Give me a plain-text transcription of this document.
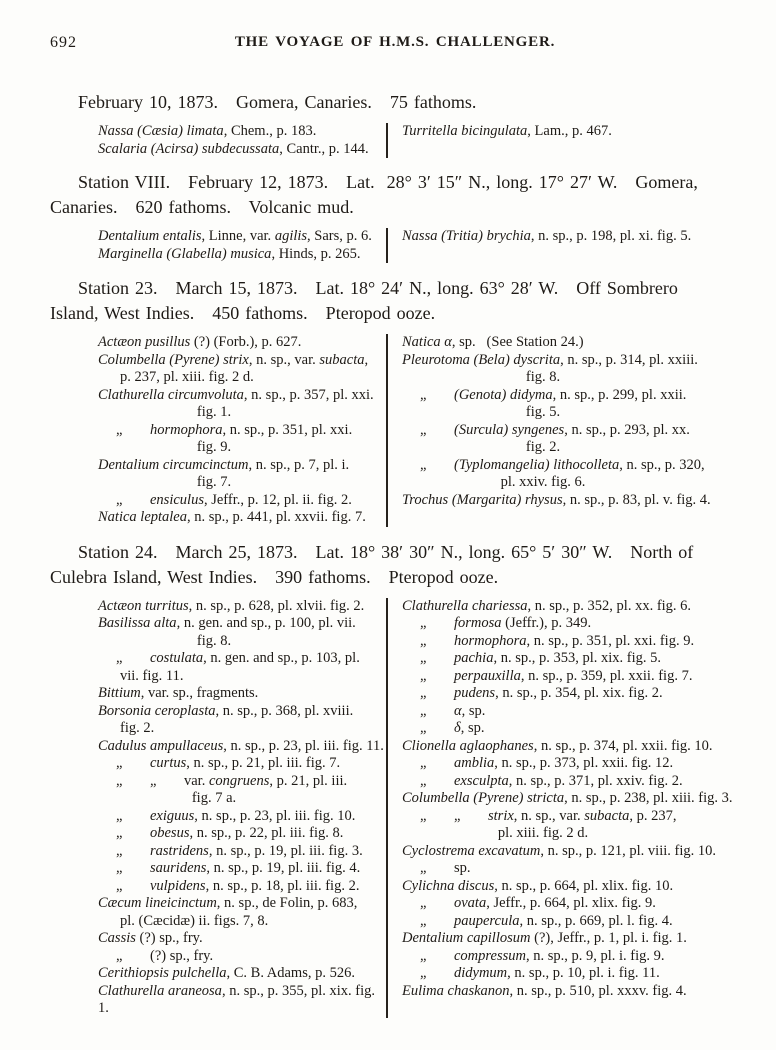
692	THE VOYAGE OF H.M.S. CHALLENGER.
February 10, 1873.   Gomera, Canaries.   75 fathoms.
Nassa (Cæsia) limata, Chem., p. 183.
Scalaria (Acirsa) subdecussata, Cantr., p. 144.
Turritella bicingulata, Lam., p. 467.
Station VIII.   February 12, 1873.   Lat.  28° 3′ 15″ N., long. 17° 27′ W.   Gomera,
Canaries.   620 fathoms.   Volcanic mud.
Dentalium entalis, Linne, var. agilis, Sars, p. 6.
Marginella (Glabella) musica, Hinds, p. 265.
Nassa (Tritia) brychia, n. sp., p. 198, pl. xi. fig. 5.
Station 23.   March 15, 1873.   Lat. 18° 24′ N., long. 63° 28′ W.   Off Sombrero
Island, West Indies.   450 fathoms.   Pteropod ooze.
Actæon pusillus (?) (Forb.), p. 627.
Columbella (Pyrene) strix, n. sp., var. subacta,
p. 237, pl. xiii. fig. 2 d.
Clathurella circumvoluta, n. sp., p. 357, pl. xxi.
fig. 1.
„ hormophora, n. sp., p. 351, pl. xxi.
fig. 9.
Dentalium circumcinctum, n. sp., p. 7, pl. i.
fig. 7.
„ ensiculus, Jeffr., p. 12, pl. ii. fig. 2.
Natica leptalea, n. sp., p. 441, pl. xxvii. fig. 7.
Natica α, sp.   (See Station 24.)
Pleurotoma (Bela) dyscrita, n. sp., p. 314, pl. xxiii.
fig. 8.
„ (Genota) didyma, n. sp., p. 299, pl. xxii.
fig. 5.
„ (Surcula) syngenes, n. sp., p. 293, pl. xx.
fig. 2.
„ (Typlomangelia) lithocolleta, n. sp., p. 320,
pl. xxiv. fig. 6.
Trochus (Margarita) rhysus, n. sp., p. 83, pl. v. fig. 4.
Station 24.   March 25, 1873.   Lat. 18° 38′ 30″ N., long. 65° 5′ 30″ W.   North of
Culebra Island, West Indies.   390 fathoms.   Pteropod ooze.
Actæon turritus, n. sp., p. 628, pl. xlvii. fig. 2.
Basilissa alta, n. gen. and sp., p. 100, pl. vii.
fig. 8.
„ costulata, n. gen. and sp., p. 103, pl.
vii. fig. 11.
Bittium, var. sp., fragments.
Borsonia ceroplasta, n. sp., p. 368, pl. xviii.
fig. 2.
Cadulus ampullaceus, n. sp., p. 23, pl. iii. fig. 11.
„ curtus, n. sp., p. 21, pl. iii. fig. 7.
„ „ var. congruens, p. 21, pl. iii.
fig. 7 a.
„ exiguus, n. sp., p. 23, pl. iii. fig. 10.
„ obesus, n. sp., p. 22, pl. iii. fig. 8.
„ rastridens, n. sp., p. 19, pl. iii. fig. 3.
„ sauridens, n. sp., p. 19, pl. iii. fig. 4.
„ vulpidens, n. sp., p. 18, pl. iii. fig. 2.
Cæcum lineicinctum, n. sp., de Folin, p. 683,
pl. (Cæcidæ) ii. figs. 7, 8.
Cassis (?) sp., fry.
„ (?) sp., fry.
Cerithiopsis pulchella, C. B. Adams, p. 526.
Clathurella araneosa, n. sp., p. 355, pl. xix. fig. 1.
Clathurella chariessa, n. sp., p. 352, pl. xx. fig. 6.
„ formosa (Jeffr.), p. 349.
„ hormophora, n. sp., p. 351, pl. xxi. fig. 9.
„ pachia, n. sp., p. 353, pl. xix. fig. 5.
„ perpauxilla, n. sp., p. 359, pl. xxii. fig. 7.
„ pudens, n. sp., p. 354, pl. xix. fig. 2.
„ α, sp.
„ δ, sp.
Clionella aglaophanes, n. sp., p. 374, pl. xxii. fig. 10.
„ amblia, n. sp., p. 373, pl. xxii. fig. 12.
„ exsculpta, n. sp., p. 371, pl. xxiv. fig. 2.
Columbella (Pyrene) stricta, n. sp., p. 238, pl. xiii. fig. 3.
„ „ strix, n. sp., var. subacta, p. 237,
pl. xiii. fig. 2 d.
Cyclostrema excavatum, n. sp., p. 121, pl. viii. fig. 10.
„ sp.
Cylichna discus, n. sp., p. 664, pl. xlix. fig. 10.
„ ovata, Jeffr., p. 664, pl. xlix. fig. 9.
„ paupercula, n. sp., p. 669, pl. l. fig. 4.
Dentalium capillosum (?), Jeffr., p. 1, pl. i. fig. 1.
„ compressum, n. sp., p. 9, pl. i. fig. 9.
„ didymum, n. sp., p. 10, pl. i. fig. 11.
Eulima chaskanon, n. sp., p. 510, pl. xxxv. fig. 4.
